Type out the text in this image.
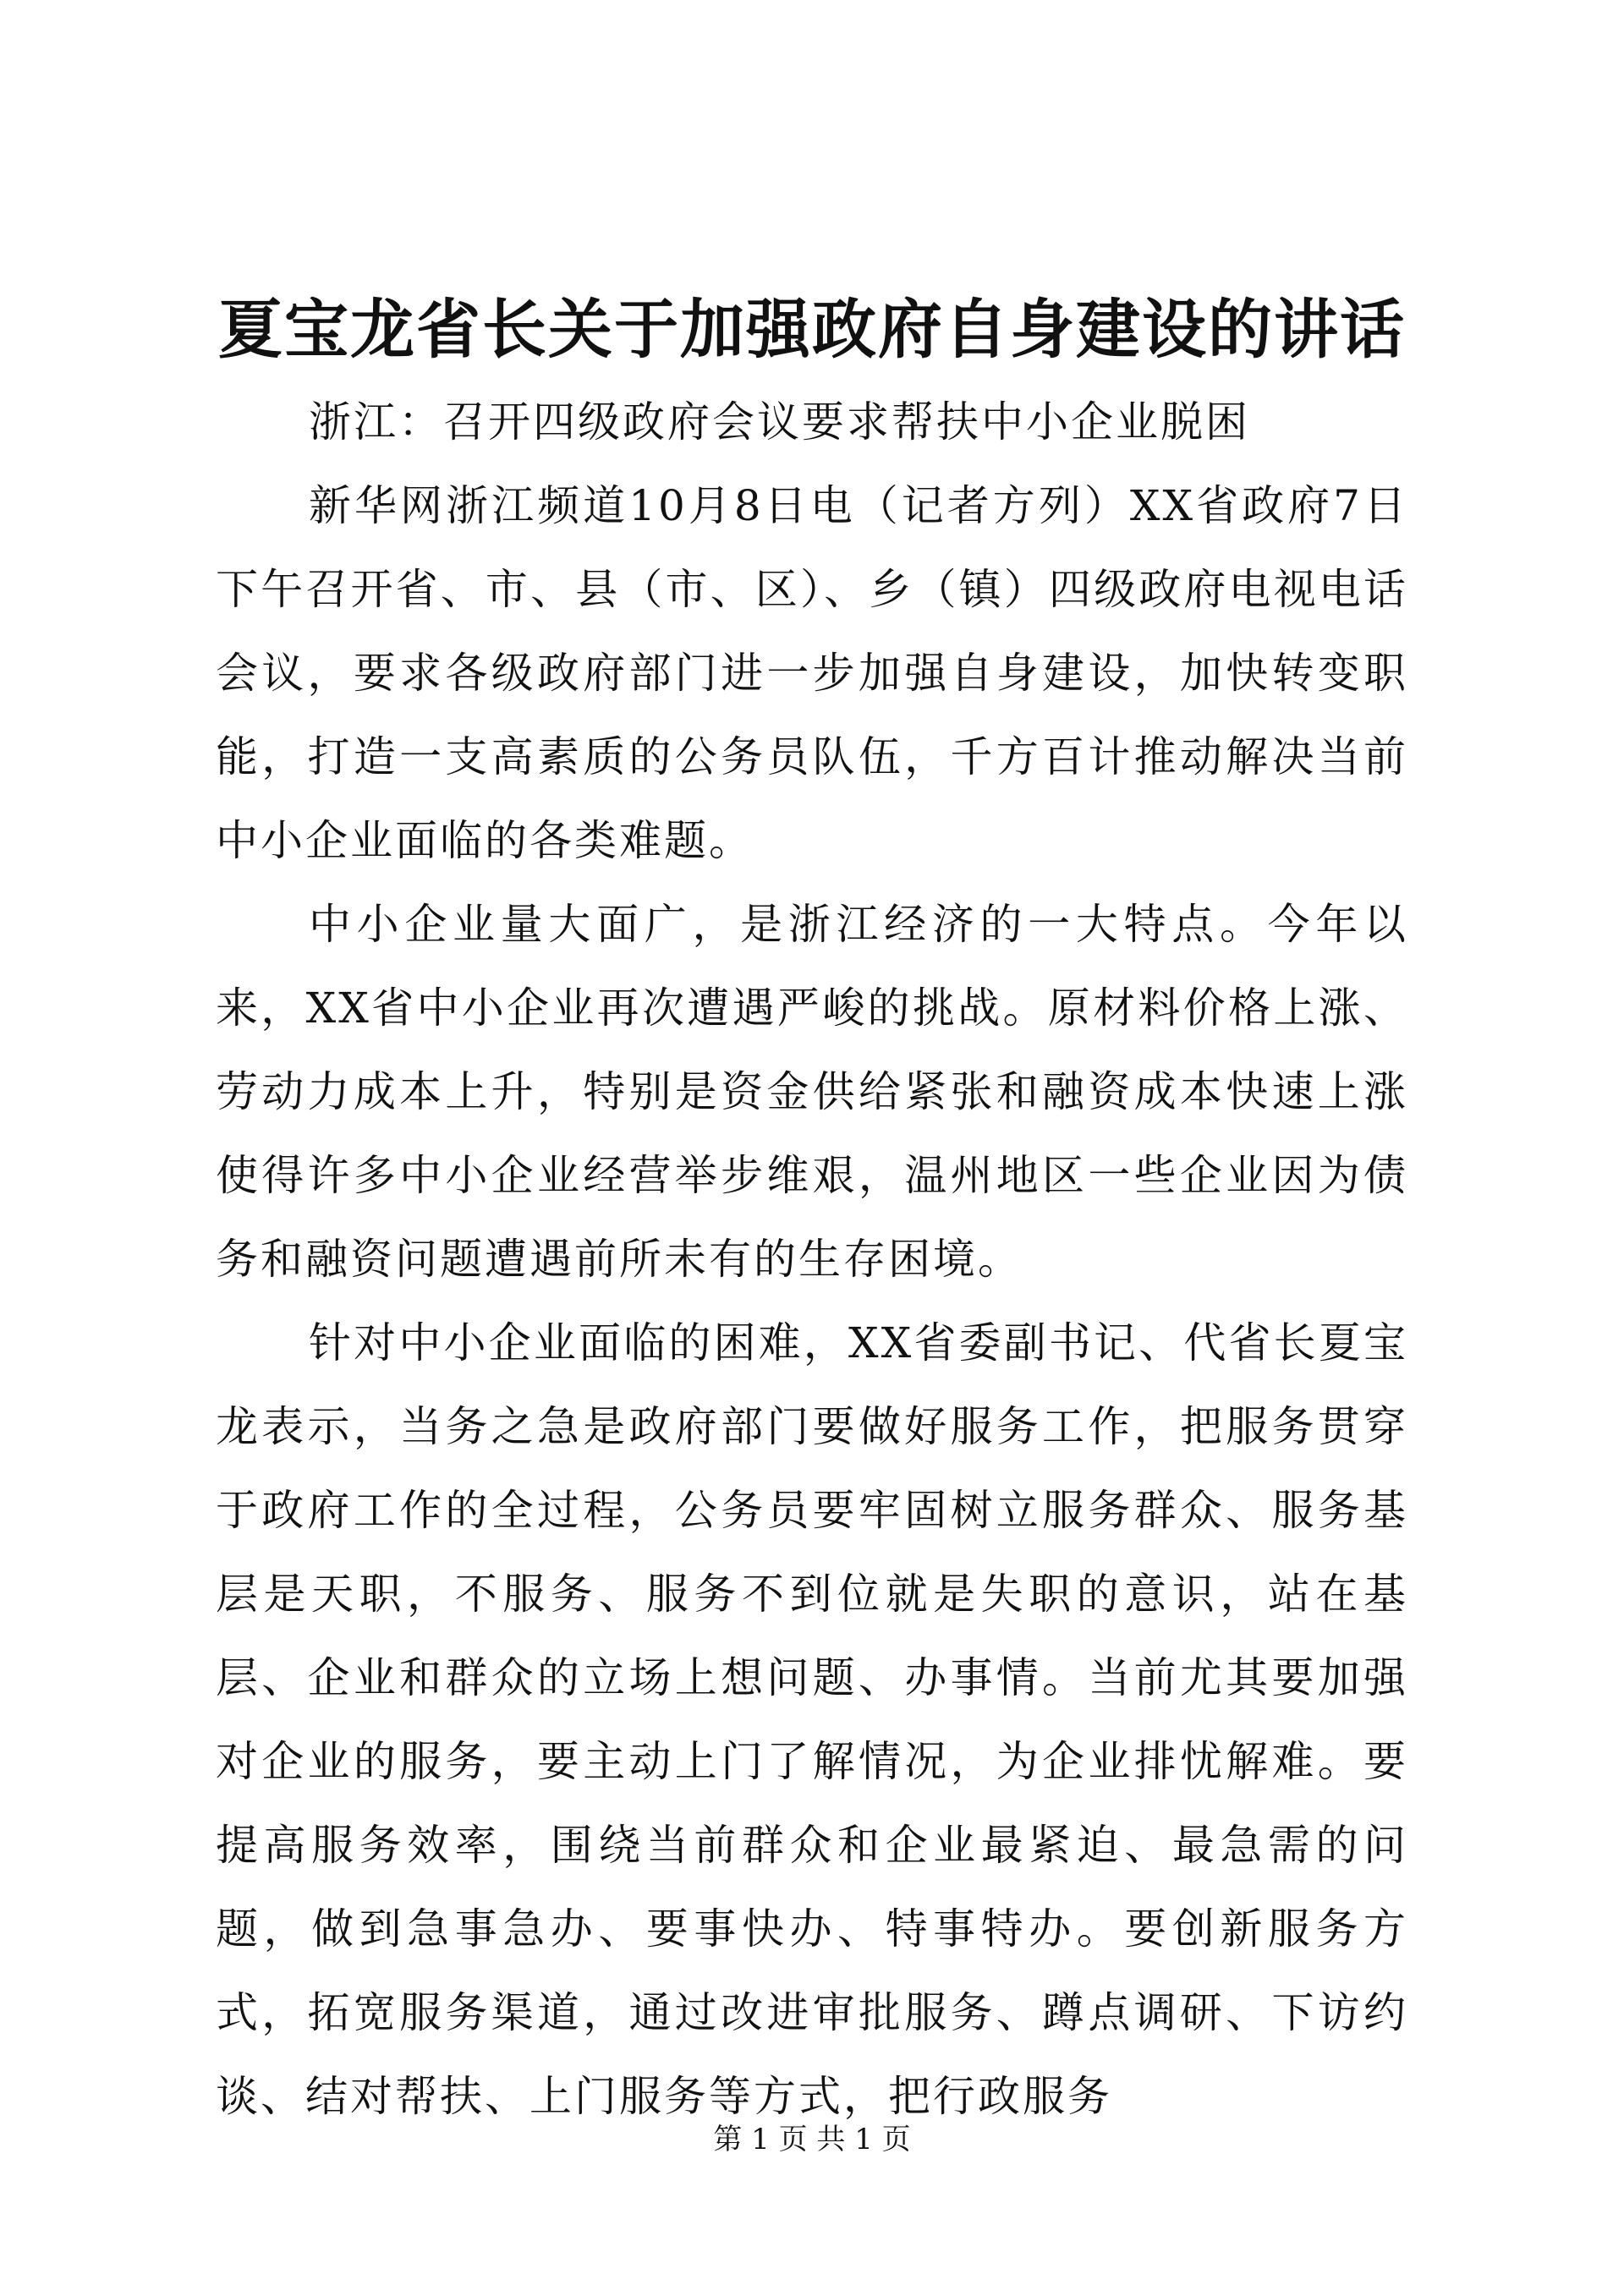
夏宝龙省长关于加强政府自身建设的讲话

浙江：召开四级政府会议要求帮扶中小企业脱困

新华网浙江频道10月8日电（记者方列）XX省政府7日下午召开省、市、县（市、区）、乡（镇）四级政府电视电话会议，要求各级政府部门进一步加强自身建设，加快转变职能，打造一支高素质的公务员队伍，千方百计推动解决当前中小企业面临的各类难题。

中小企业量大面广，是浙江经济的一大特点。今年以来，XX省中小企业再次遭遇严峻的挑战。原材料价格上涨、劳动力成本上升，特别是资金供给紧张和融资成本快速上涨使得许多中小企业经营举步维艰，温州地区一些企业因为债务和融资问题遭遇前所未有的生存困境。

针对中小企业面临的困难，XX省委副书记、代省长夏宝龙表示，当务之急是政府部门要做好服务工作，把服务贯穿于政府工作的全过程，公务员要牢固树立服务群众、服务基层是天职，不服务、服务不到位就是失职的意识，站在基层、企业和群众的立场上想问题、办事情。当前尤其要加强对企业的服务，要主动上门了解情况，为企业排忧解难。要提高服务效率，围绕当前群众和企业最紧迫、最急需的问题，做到急事急办、要事快办、特事特办。要创新服务方式，拓宽服务渠道，通过改进审批服务、蹲点调研、下访约谈、结对帮扶、上门服务等方式，把行政服务

第 1 页 共 1 页
